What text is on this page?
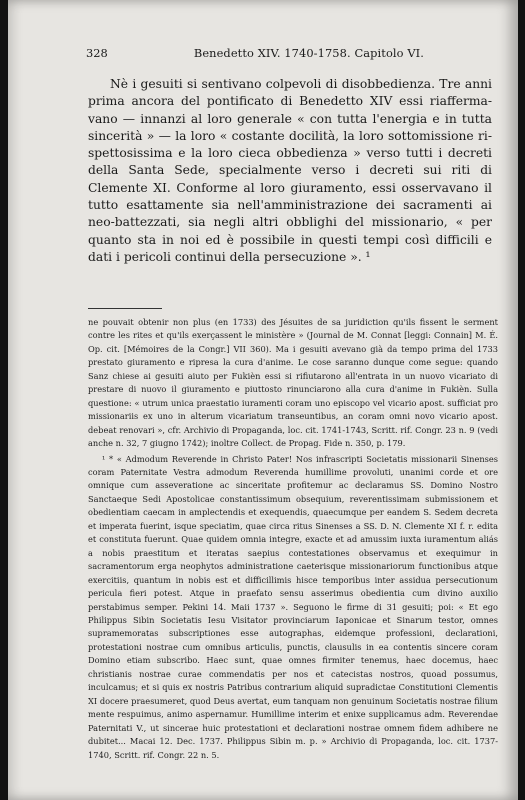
328	Benedetto XIV. 1740-1758. Capitolo VI.

Nè i gesuiti si sentivano colpevoli di disobbedienza. Tre anni prima ancora del pontificato di Benedetto XIV essi riaffermavano — innanzi al loro generale « con tutta l'energia e in tutta sincerità » — la loro « costante docilità, la loro sottomissione rispettosissima e la loro cieca obbedienza » verso tutti i decreti della Santa Sede, specialmente verso i decreti sui riti di Clemente XI. Conforme al loro giuramento, essi osservavano il tutto esattamente sia nell'amministrazione dei sacramenti ai neo-battezzati, sia negli altri obblighi del missionario, « per quanto sta in noi ed è possibile in questi tempi così difficili e dati i pericoli continui della persecuzione ». ¹

ne pouvait obtenir non plus (en 1733) des Jésuites de sa juridiction qu'ils fissent le serment contre les rites et qu'ils exerçassent le ministère » (Journal de M. Connat [leggi: Connain] M. É. Op. cit. [Mémoires de la Congr.] VII 360). Ma i gesuiti avevano già da tempo prima del 1733 prestato giuramento e ripresa la cura d'anime. Le cose saranno dunque come segue: quando Sanz chiese ai gesuiti aiuto per Fukièn essi si rifiutarono all'entrata in un nuovo vicariato di prestare di nuovo il giuramento e piuttosto rinunciarono alla cura d'anime in Fukièn. Sulla questione: « utrum unica praestatio iuramenti coram uno episcopo vel vicario apost. sufficiat pro missionariis ex uno in alterum vicariatum transeuntibus, an coram omni novo vicario apost. debeat renovari », cfr. Archivio di Propaganda, loc. cit. 1741-1743, Scritt. rif. Congr. 23 n. 9 (vedi anche n. 32, 7 giugno 1742); inoltre Collect. de Propag. Fide n. 350, p. 179.

¹ * « Admodum Reverende in Christo Pater! Nos infrascripti Societatis missionarii Sinenses coram Paternitate Vestra admodum Reverenda humillime provoluti, unanimi corde et ore omnique cum asseveratione ac sinceritate profitemur ac declaramus SS. Domino Nostro Sanctaeque Sedi Apostolicae constantissimum obsequium, reverentissimam submissionem et obedientiam caecam in amplectendis et exequendis, quaecumque per eandem S. Sedem decreta et imperata fuerint, isque speciatim, quae circa ritus Sinenses a SS. D. N. Clemente XI f. r. edita et constituta fuerunt. Quae quidem omnia integre, exacte et ad amussim iuxta iuramentum aliás a nobis praestitum et iteratas saepius contestationes observamus et exequimur in sacramentorum erga neophytos administratione caeterisque missionariorum functionibus atque exercitiis, quantum in nobis est et difficillimis hisce temporibus inter assiduа persecutionum pericula fieri potest. Atque in praefato sensu asserimus obedientia cum divino auxilio perstabimus semper. Pekini 14. Maii 1737 ». Seguono le firme di 31 gesuiti; poi: « Et ego Philippus Sibin Societatis Iesu Visitator provinciarum Iaponicae et Sinarum testor, omnes supramemoratas subscriptiones esse autographas, eidemque professioni, declarationi, protestationi nostrae cum omnibus articulis, punctis, clausulis in ea contentis sincere coram Domino etiam subscribo. Haec sunt, quae omnes firmiter tenemus, haec docemus, haec christianis nostrae curae commendatis per nos et catecistas nostros, quoad possumus, inculcamus; et si quis ex nostris Patribus contrarium aliquid supradictae Constitutioni Clementis XI docere praesumeret, quod Deus avertat, eum tanquam non genuinum Societatis nostrae filium mente respuimus, animo aspernamur. Humillime interim et enixe supplicamus adm. Reverendae Paternitati V., ut sincerae huic protestationi et declarationi nostrae omnem fidem adhibere ne dubitet... Macai 12. Dec. 1737. Philippus Sibin m. p. » Archivio di Propaganda, loc. cit. 1737-1740, Scritt. rif. Congr. 22 n. 5.
